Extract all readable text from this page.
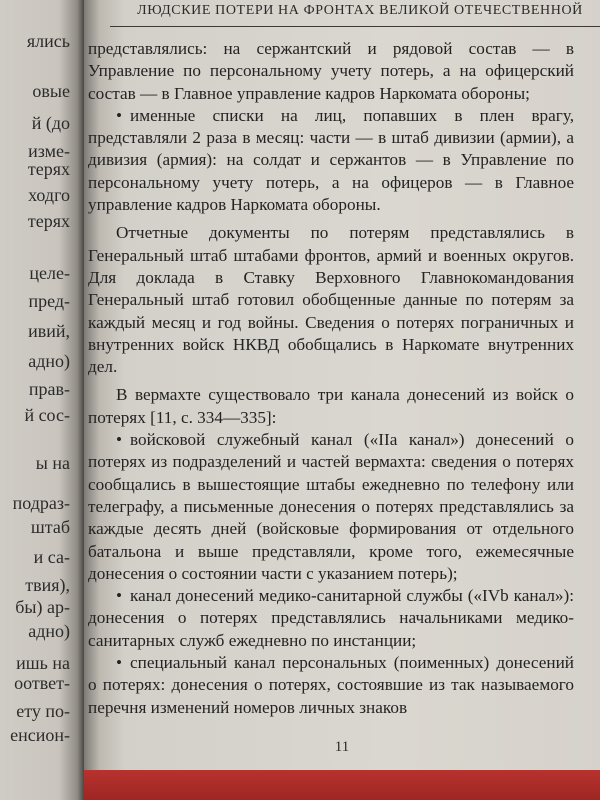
ялись
овые
й (до
изме-
терях
ходго
терях
целе-
пред-
ивий,
адно)
прав-
й сос-
ы на
подраз-
штаб
и са-
твия),
бы) ар-
адно)
ишь на
оответ-
ету по-
енсион-
ЛЮДСКИЕ ПОТЕРИ НА ФРОНТАХ ВЕЛИКОЙ ОТЕЧЕСТВЕННОЙ

представлялись: на сержантский и рядовой состав — в Управление по персональному учету потерь, а на офицерский состав — в Главное управление кадров Наркомата обороны;

• именные списки на лиц, попавших в плен врагу, представляли 2 раза в месяц: части — в штаб дивизии (армии), а дивизия (армия): на солдат и сержантов — в Управление по персональному учету потерь, а на офицеров — в Главное управление кадров Наркомата обороны.

Отчетные документы по потерям представлялись в Генеральный штаб штабами фронтов, армий и военных округов. Для доклада в Ставку Верховного Главнокомандования Генеральный штаб готовил обобщенные данные по потерям за каждый месяц и год войны. Сведения о потерях пограничных и внутренних войск НКВД обобщались в Наркомате внутренних дел.

В вермахте существовало три канала донесений из войск о потерях [11, с. 334—335]:

• войсковой служебный канал («IIa канал») донесений о потерях из подразделений и частей вермахта: сведения о потерях сообщались в вышестоящие штабы ежедневно по телефону или телеграфу, а письменные донесения о потерях представлялись за каждые десять дней (войсковые формирования от отдельного батальона и выше представляли, кроме того, ежемесячные донесения о состоянии части с указанием потерь);

• канал донесений медико-санитарной службы («IVb канал»): донесения о потерях представлялись начальниками медико-санитарных служб ежедневно по инстанции;

• специальный канал персональных (поименных) донесений о потерях: донесения о потерях, состоявшие из так называемого перечня изменений номеров личных знаков

11
